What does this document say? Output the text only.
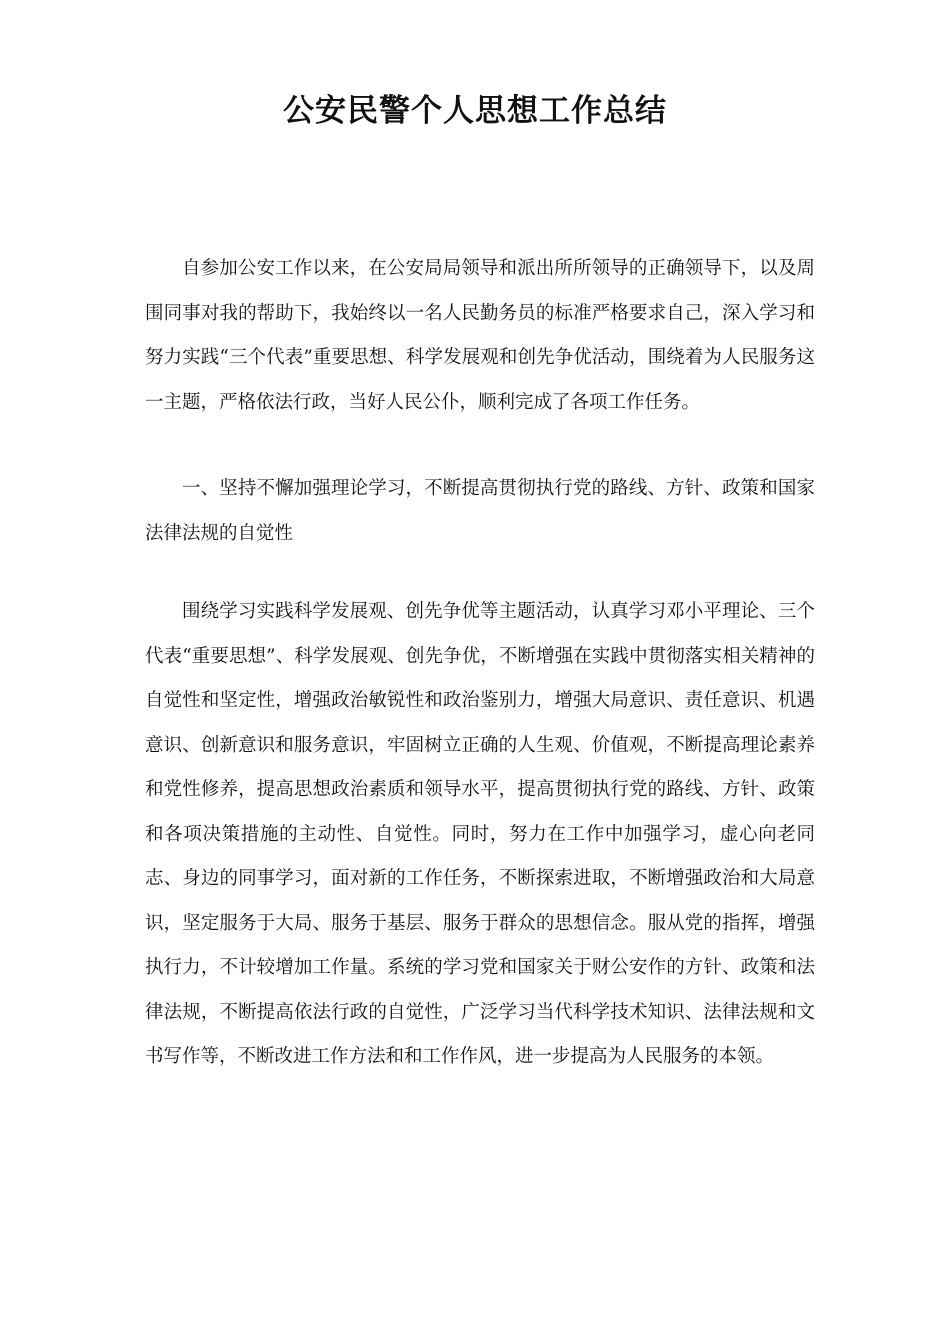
公安民警个人思想工作总结

自参加公安工作以来，在公安局局领导和派出所所领导的正确领导下，以及周围同事对我的帮助下，我始终以一名人民勤务员的标准严格要求自己，深入学习和努力实践“三个代表”重要思想、科学发展观和创先争优活动，围绕着为人民服务这一主题，严格依法行政，当好人民公仆，顺利完成了各项工作任务。

一、坚持不懈加强理论学习，不断提高贯彻执行党的路线、方针、政策和国家法律法规的自觉性

围绕学习实践科学发展观、创先争优等主题活动，认真学习邓小平理论、三个代表“重要思想”、科学发展观、创先争优，不断增强在实践中贯彻落实相关精神的自觉性和坚定性，增强政治敏锐性和政治鉴别力，增强大局意识、责任意识、机遇意识、创新意识和服务意识，牢固树立正确的人生观、价值观，不断提高理论素养和党性修养，提高思想政治素质和领导水平，提高贯彻执行党的路线、方针、政策和各项决策措施的主动性、自觉性。同时，努力在工作中加强学习，虚心向老同志、身边的同事学习，面对新的工作任务，不断探索进取，不断增强政治和大局意识，坚定服务于大局、服务于基层、服务于群众的思想信念。服从党的指挥，增强执行力，不计较增加工作量。系统的学习党和国家关于财公安作的方针、政策和法律法规，不断提高依法行政的自觉性，广泛学习当代科学技术知识、法律法规和文书写作等，不断改进工作方法和和工作作风，进一步提高为人民服务的本领。
